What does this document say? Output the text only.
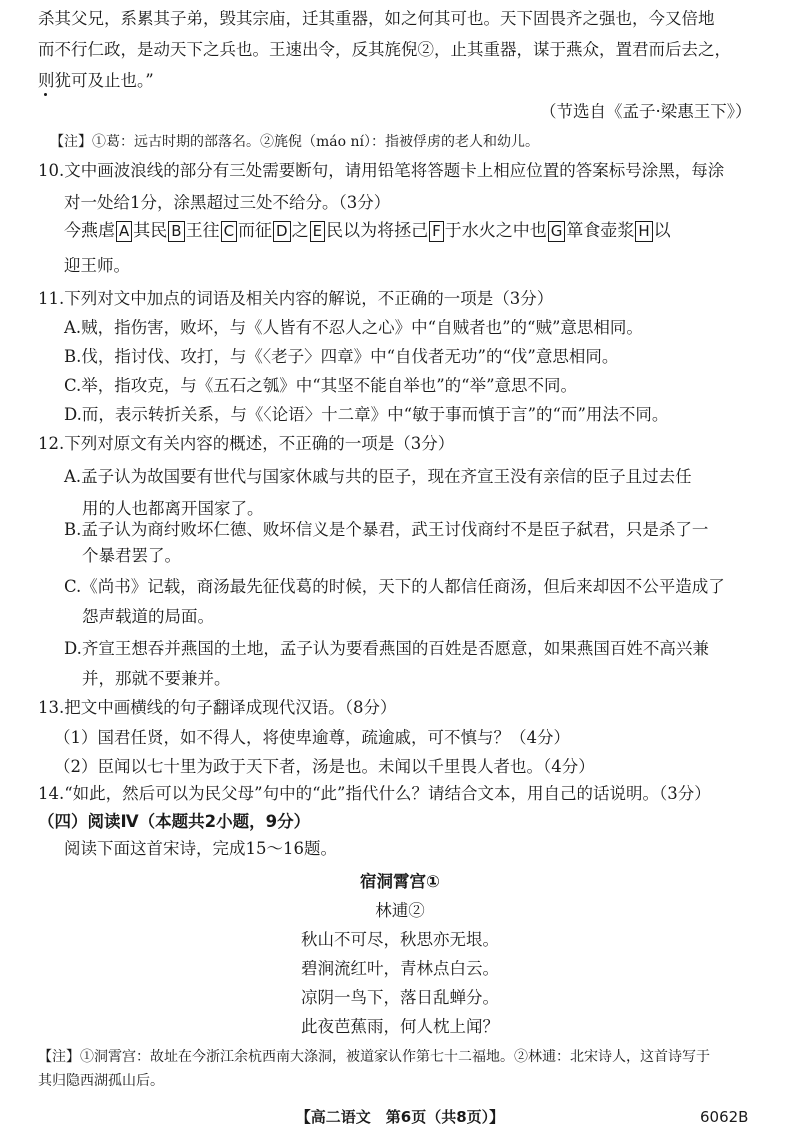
杀其父兄，系累其子弟，毁其宗庙，迁其重器，如之何其可也。天下固畏齐之强也，今又倍地
而不行仁政，是动天下之兵也。王速出令，反其旄倪②，止其重器，谋于燕众，置君而后去之，
则犹可及止也。”
（节选自《孟子·梁惠王下》）
【注】①葛：远古时期的部落名。②旄倪（máo ní）：指被俘虏的老人和幼儿。
10.文中画波浪线的部分有三处需要断句，请用铅笔将答题卡上相应位置的答案标号涂黑，每涂
对一处给1分，涂黑超过三处不给分。（3分）
今燕虐 A 其民 B 王往 C 而征 D 之 E 民以为将拯己 F 于水火之中也 G 箪食壶浆 H 以
迎王师。
11.下列对文中加点的词语及相关内容的解说，不正确的一项是（3分）
A.贼，指伤害，败坏，与《人皆有不忍人之心》中“自贼者也”的“贼”意思相同。
B.伐，指讨伐、攻打，与《〈老子〉四章》中“自伐者无功”的“伐”意思相同。
C.举，指攻克，与《五石之瓠》中“其坚不能自举也”的“举”意思不同。
D.而，表示转折关系，与《〈论语〉十二章》中“敏于事而慎于言”的“而”用法不同。
12.下列对原文有关内容的概述，不正确的一项是（3分）
A.孟子认为故国要有世代与国家休戚与共的臣子，现在齐宣王没有亲信的臣子且过去任
用的人也都离开国家了。
B.孟子认为商纣败坏仁德、败坏信义是个暴君，武王讨伐商纣不是臣子弑君，只是杀了一
个暴君罢了。
C.《尚书》记载，商汤最先征伐葛的时候，天下的人都信任商汤，但后来却因不公平造成了
怨声载道的局面。
D.齐宣王想吞并燕国的土地，孟子认为要看燕国的百姓是否愿意，如果燕国百姓不高兴兼
并，那就不要兼并。
13.把文中画横线的句子翻译成现代汉语。（8分）
（1）国君任贤，如不得人，将使卑逾尊，疏逾戚，可不慎与？（4分）
（2）臣闻以七十里为政于天下者，汤是也。未闻以千里畏人者也。（4分）
14.“如此，然后可以为民父母”句中的“此”指代什么？请结合文本，用自己的话说明。（3分）
（四）阅读Ⅳ（本题共2小题，9分）
阅读下面这首宋诗，完成15～16题。
宿洞霄宫①
林逋②
秋山不可尽，秋思亦无垠。
碧涧流红叶，青林点白云。
凉阴一鸟下，落日乱蝉分。
此夜芭蕉雨，何人枕上闻？
【注】①洞霄宫：故址在今浙江余杭西南大涤洞，被道家认作第七十二福地。②林逋：北宋诗人，这首诗写于
其归隐西湖孤山后。
【高二语文　第6页（共8页）】	6062B
